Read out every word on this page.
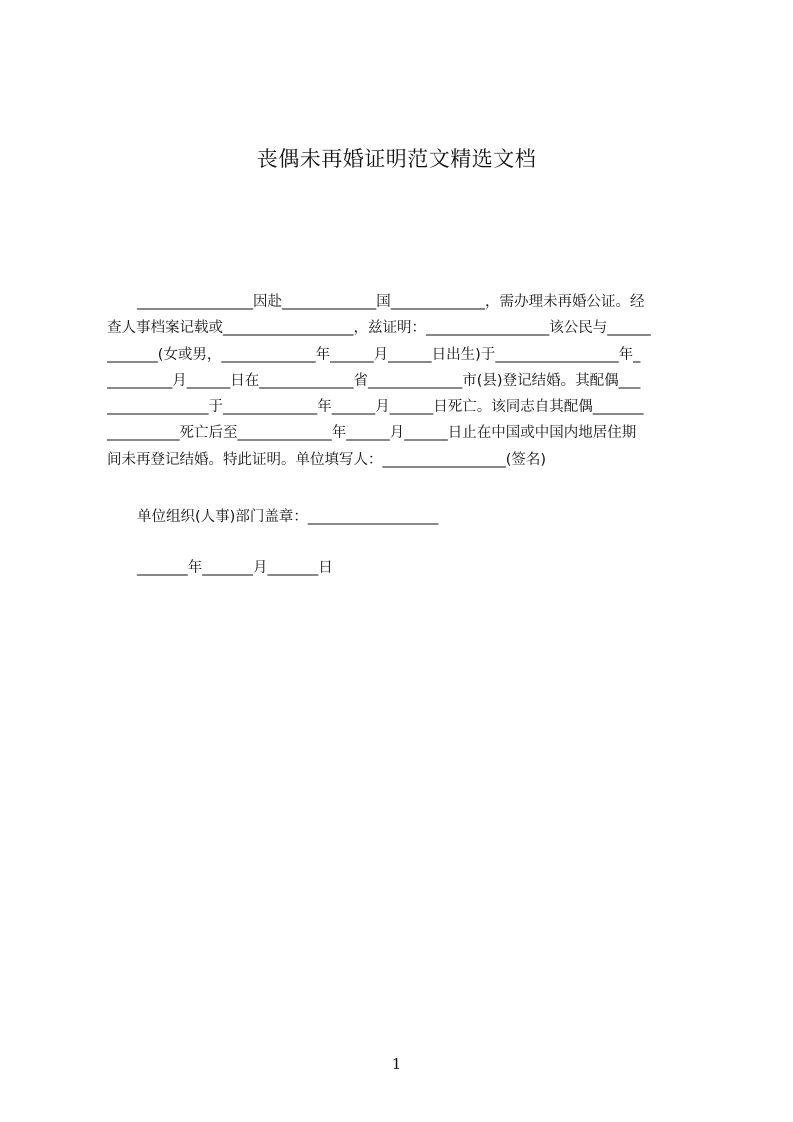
丧偶未再婚证明范文精选文档
________________因赴_____________国_____________，需办理未再婚公证。经
查人事档案记载或__________________，兹证明：_________________该公民与______
_______(女或男，_____________年______月______日出生)于_________________年_
_________月______日在_____________省_____________市(县)登记结婚。其配偶___
______________于_____________年______月______日死亡。该同志自其配偶_______
__________死亡后至_____________年______月______日止在中国或中国内地居住期
间未再登记结婚。特此证明。单位填写人：_________________(签名)
单位组织(人事)部门盖章：__________________
_______年_______月_______日
1
